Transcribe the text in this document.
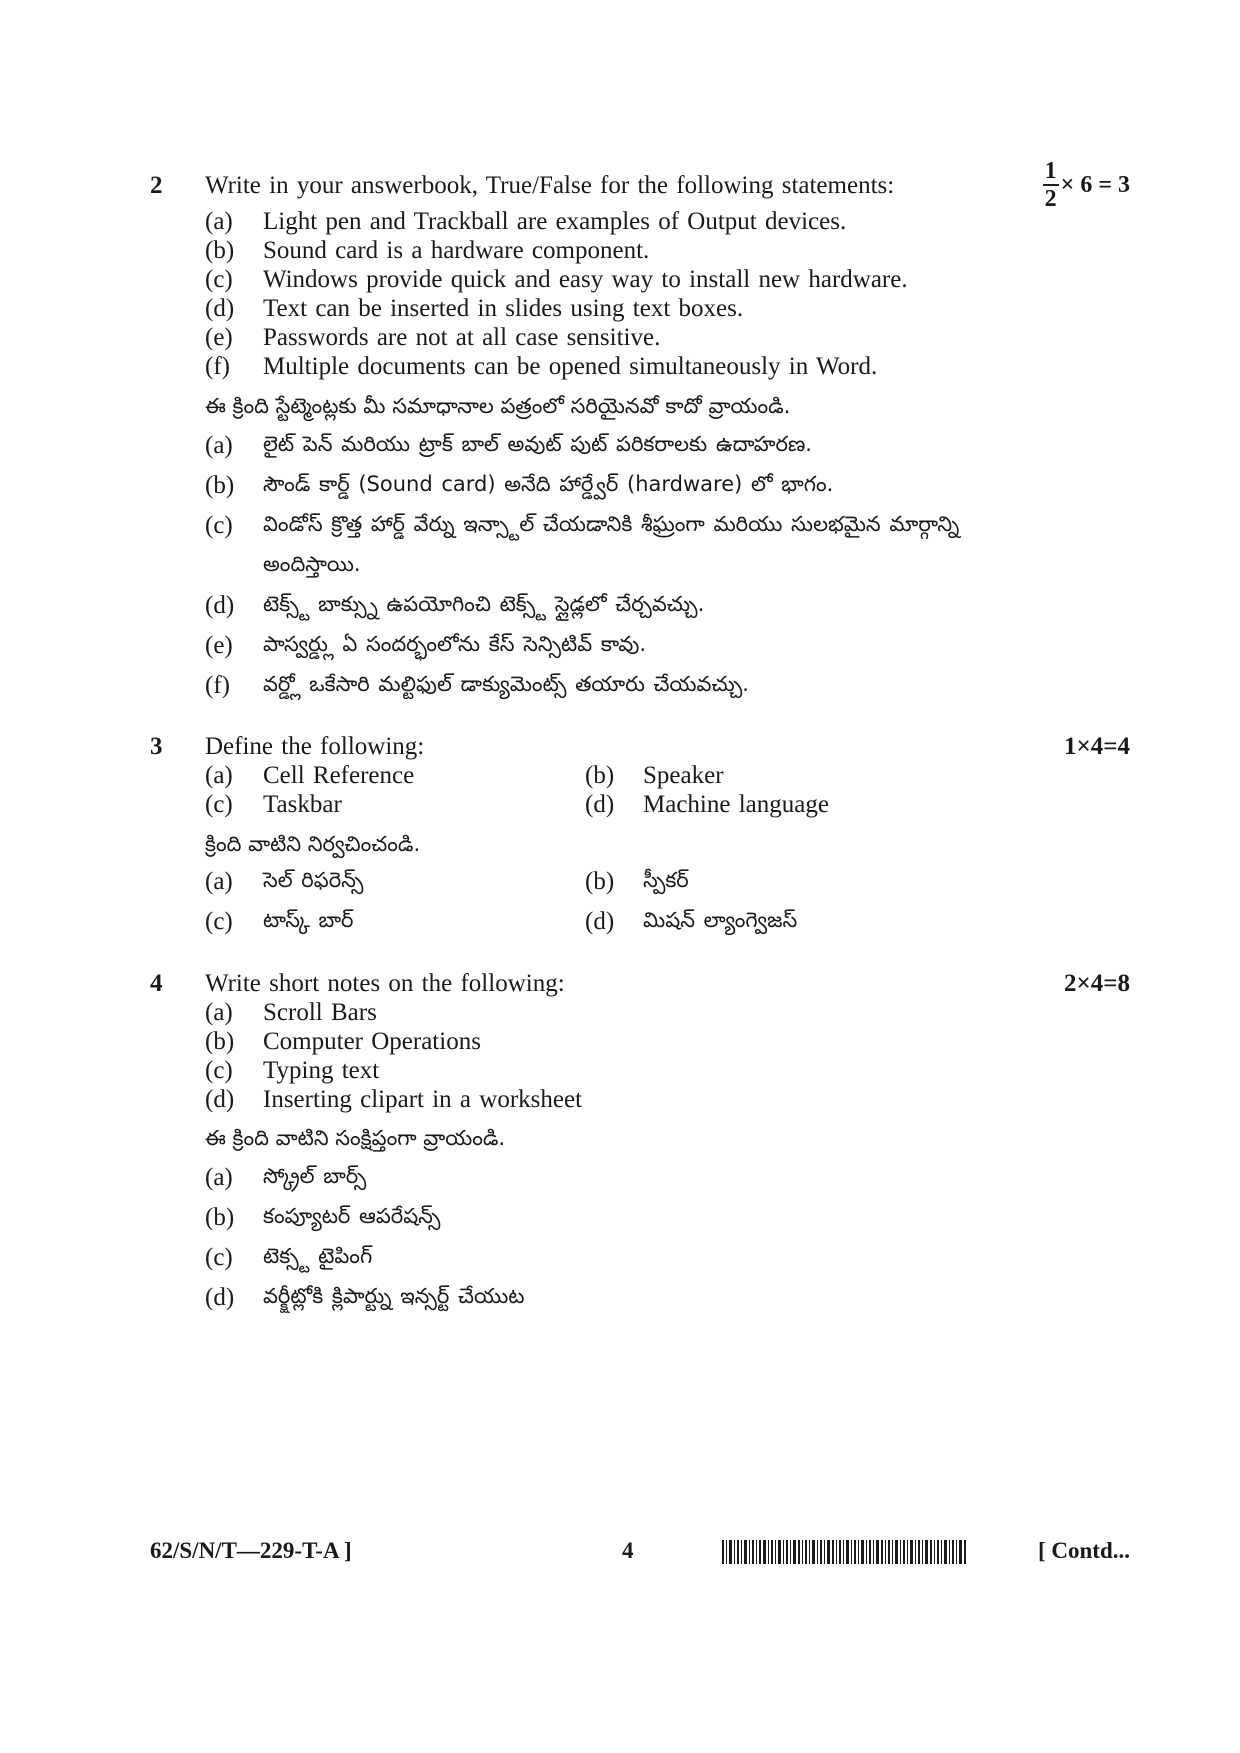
2 Write in your answerbook, True/False for the following statements:	$\frac{1}{2} \times 6 = 3$
(a) Light pen and Trackball are examples of Output devices.
(b) Sound card is a hardware component.
(c) Windows provide quick and easy way to install new hardware.
(d) Text can be inserted in slides using text boxes.
(e) Passwords are not at all case sensitive.
(f) Multiple documents can be opened simultaneously in Word.
ఈ క్రింది స్టేట్మెంట్లకు మీ సమాధానాల పత్రంలో సరియైనవో కాదో వ్రాయండి.
(a) లైట్ పెన్ మరియు ట్రాక్ బాల్ అవుట్ పుట్ పరికరాలకు ఉదాహరణ.
(b) సౌండ్ కార్డ్ (Sound card) అనేది హార్డ్వేర్ (hardware) లో భాగం.
(c) విండోస్ క్రొత్త హార్డ్ వేర్ను ఇన్స్టాల్ చేయడానికి శీఘ్రంగా మరియు సులభమైన మార్గాన్ని
అందిస్తాయి.
(d) టెక్స్ట్ బాక్స్ను ఉపయోగించి టెక్స్ట్ స్లైడ్లలో చేర్చవచ్చు.
(e) పాస్వర్డ్లు ఏ సందర్భంలోను కేస్ సెన్సిటివ్ కావు.
(f) వర్డ్లో ఒకేసారి మల్టిఫుల్ డాక్యుమెంట్స్ తయారు చేయవచ్చు.
3 Define the following:	1×4=4
(a) Cell Reference	(b) Speaker
(c) Taskbar	(d) Machine language
క్రింది వాటిని నిర్వచించండి.
(a) సెల్ రిఫరెన్స్	(b) స్పీకర్
(c) టాస్క్ బార్	(d) మిషన్ ల్యాంగ్వెజస్
4 Write short notes on the following:	2×4=8
(a) Scroll Bars
(b) Computer Operations
(c) Typing text
(d) Inserting clipart in a worksheet
ఈ క్రింది వాటిని సంక్షిప్తంగా వ్రాయండి.
(a) స్క్రోల్ బార్స్
(b) కంప్యూటర్ ఆపరేషన్స్
(c) టెక్స్ట టైపింగ్
(d) వర్క్షీట్లోకి క్లిపార్ట్ను ఇన్సర్ట్ చేయుట
62/S/N/T—229-T-A ]	4	[ Contd...
